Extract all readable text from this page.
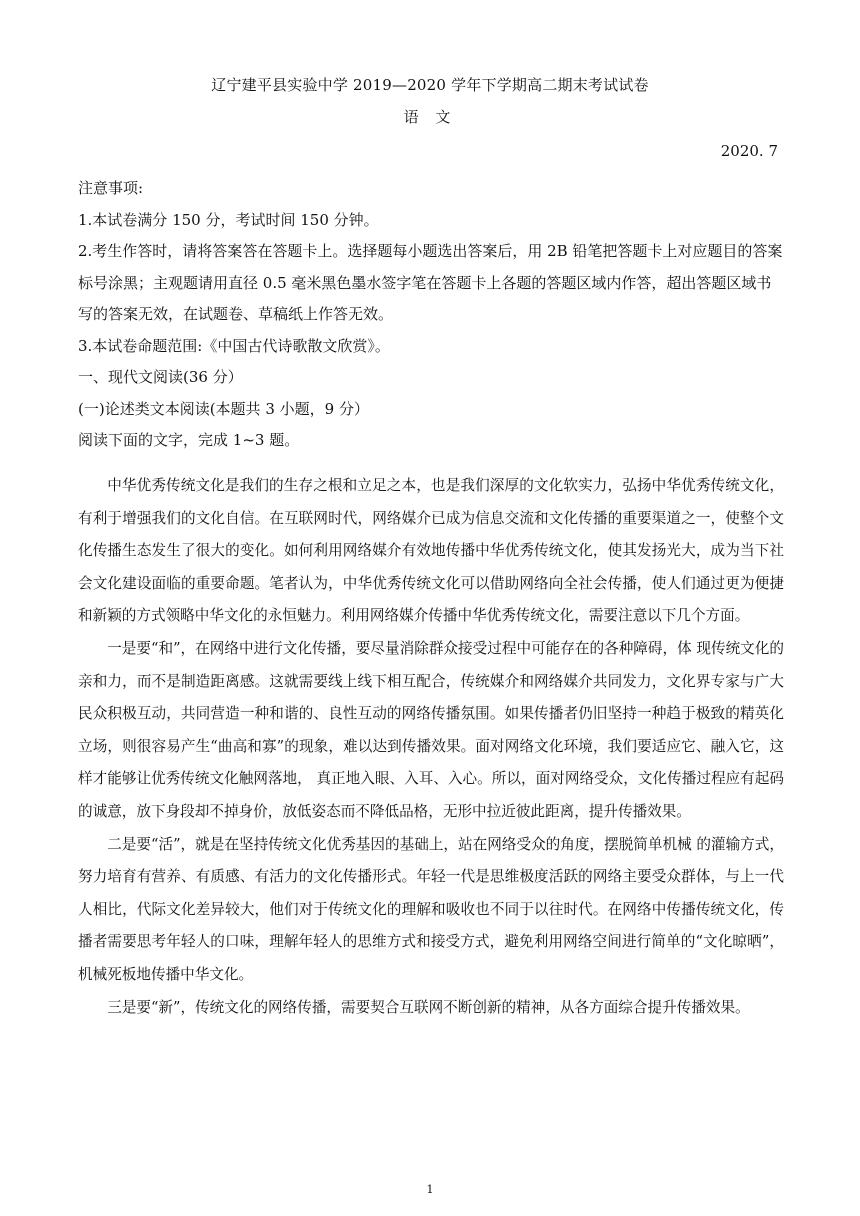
辽宁建平县实验中学 2019—2020 学年下学期高二期末考试试卷
语 文
2020. 7

注意事项:

1.本试卷满分 150 分，考试时间 150 分钟。

2.考生作答时，请将答案答在答题卡上。选择题每小题选出答案后，用 2B 铅笔把答题卡上对应题目的答案标号涂黑；主观题请用直径 0.5 毫米黑色墨水签字笔在答题卡上各题的答题区域内作答，超出答题区域书写的答案无效，在试题卷、草稿纸上作答无效。

3.本试卷命题范围:《中国古代诗歌散文欣赏》。

一、现代文阅读(36 分）

(一)论述类文本阅读(本题共 3 小题，9 分）

阅读下面的文字，完成 1~3 题。

中华优秀传统文化是我们的生存之根和立足之本，也是我们深厚的文化软实力，弘扬中华优秀传统文化，有利于增强我们的文化自信。在互联网时代，网络媒介已成为信息交流和文化传播的重要渠道之一，使整个文化传播生态发生了很大的变化。如何利用网络媒介有效地传播中华优秀传统文化，使其发扬光大，成为当下社会文化建设面临的重要命题。笔者认为，中华优秀传统文化可以借助网络向全社会传播，使人们通过更为便捷和新颖的方式领略中华文化的永恒魅力。利用网络媒介传播中华优秀传统文化，需要注意以下几个方面。

一是要“和”，在网络中进行文化传播，要尽量消除群众接受过程中可能存在的各种障碍，体 现传统文化的亲和力，而不是制造距离感。这就需要线上线下相互配合，传统媒介和网络媒介共同发力，文化界专家与广大民众积极互动，共同营造一种和谐的、良性互动的网络传播氛围。如果传播者仍旧坚持一种趋于极致的精英化立场，则很容易产生“曲高和寡”的现象，难以达到传播效果。面对网络文化环境，我们要适应它、融入它，这样才能够让优秀传统文化触网落地， 真正地入眼、入耳、入心。所以，面对网络受众，文化传播过程应有起码的诚意，放下身段却不掉身价，放低姿态而不降低品格，无形中拉近彼此距离，提升传播效果。

二是要“活”，就是在坚持传统文化优秀基因的基础上，站在网络受众的角度，摆脱简单机械 的灌输方式，努力培育有营养、有质感、有活力的文化传播形式。年轻一代是思维极度活跃的网络主要受众群体，与上一代人相比，代际文化差异较大，他们对于传统文化的理解和吸收也不同于以往时代。在网络中传播传统文化，传播者需要思考年轻人的口味，理解年轻人的思维方式和接受方式，避免利用网络空间进行简单的“文化晾晒”，机械死板地传播中华文化。

三是要“新”，传统文化的网络传播，需要契合互联网不断创新的精神，从各方面综合提升传播效果。

1
